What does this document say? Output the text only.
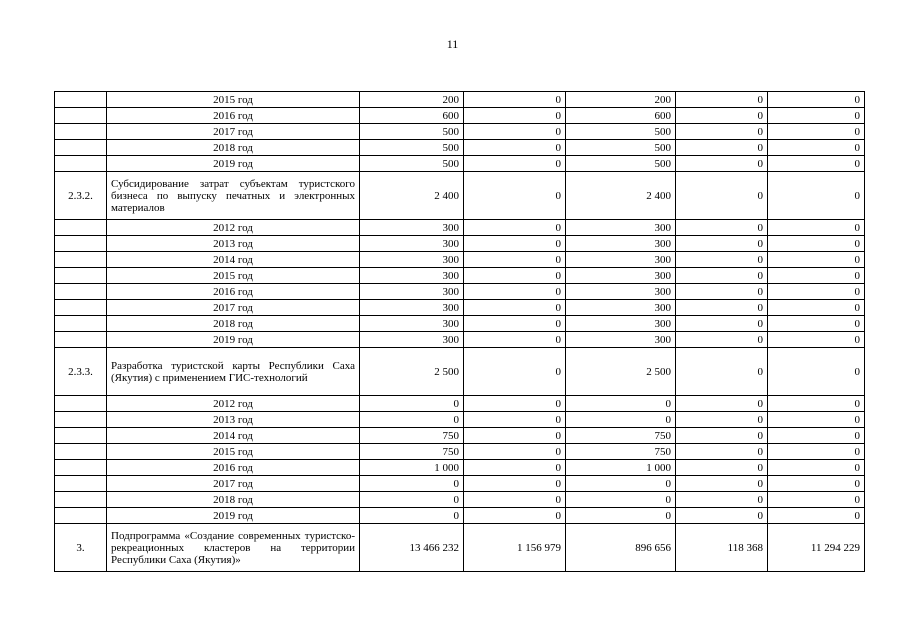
11
	2015 год	200	0	200	0	0
	2016 год	600	0	600	0	0
	2017 год	500	0	500	0	0
	2018 год	500	0	500	0	0
	2019 год	500	0	500	0	0
2.3.2.	Субсидирование затрат субъектам туристского бизнеса по выпуску печатных и электронных материалов	2 400	0	2 400	0	0
	2012 год	300	0	300	0	0
	2013 год	300	0	300	0	0
	2014 год	300	0	300	0	0
	2015 год	300	0	300	0	0
	2016 год	300	0	300	0	0
	2017 год	300	0	300	0	0
	2018 год	300	0	300	0	0
	2019 год	300	0	300	0	0
2.3.3.	Разработка туристской карты Республики Саха (Якутия) с применением ГИС-технологий	2 500	0	2 500	0	0
	2012 год	0	0	0	0	0
	2013 год	0	0	0	0	0
	2014 год	750	0	750	0	0
	2015 год	750	0	750	0	0
	2016 год	1 000	0	1 000	0	0
	2017 год	0	0	0	0	0
	2018 год	0	0	0	0	0
	2019 год	0	0	0	0	0
3.	Подпрограмма «Создание современных туристско-рекреационных кластеров на территории Республики Саха (Якутия)»	13 466 232	1 156 979	896 656	118 368	11 294 229
